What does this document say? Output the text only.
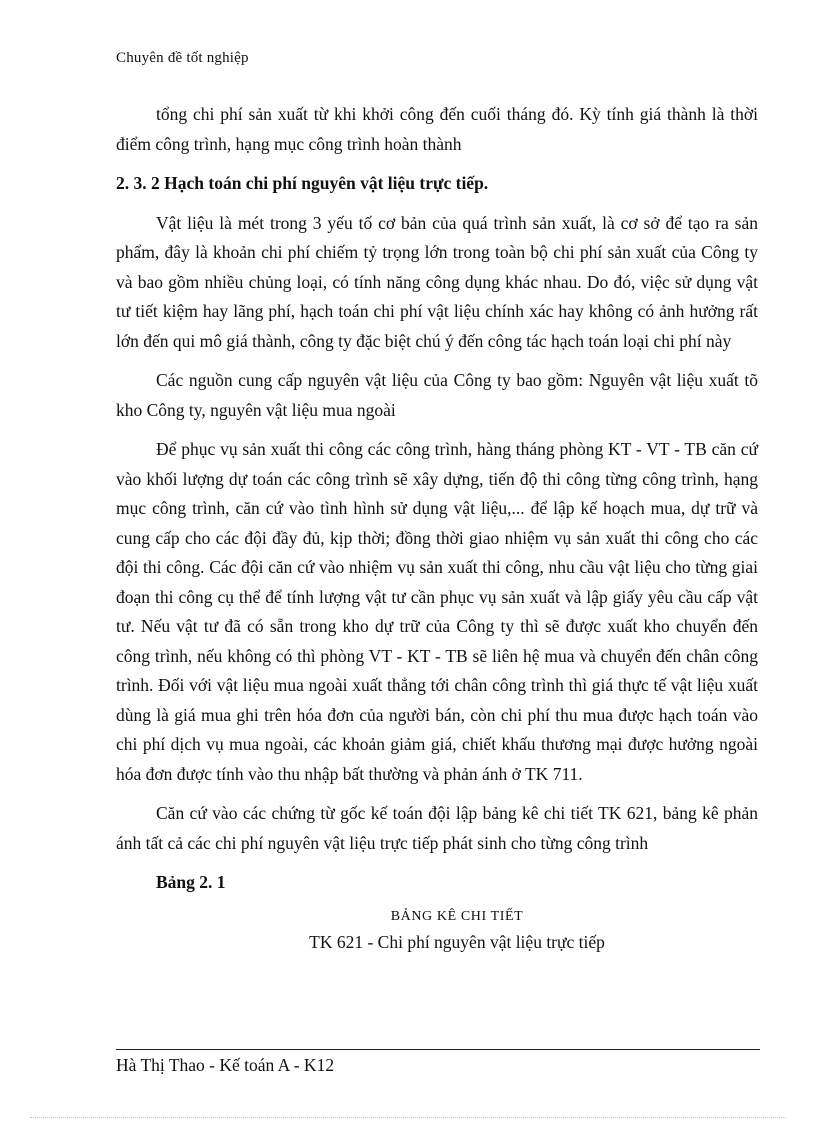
Chuyên đề tốt nghiệp

tổng chi phí sản xuất từ khi khởi công đến cuối tháng đó. Kỳ tính giá thành là thời điểm công trình, hạng mục công trình hoàn thành

2. 3. 2 Hạch toán chi phí nguyên vật liệu trực tiếp.

Vật liệu là mét trong 3 yếu tố cơ bản của quá trình sản xuất, là cơ sở để tạo ra sản phẩm, đây là khoản chi phí chiếm tỷ trọng lớn trong toàn bộ chi phí sản xuất của Công ty và bao gồm nhiều chủng loại, có tính năng công dụng khác nhau. Do đó, việc sử dụng vật tư tiết kiệm hay lãng phí, hạch toán chi phí vật liệu chính xác hay không có ảnh hưởng rất lớn đến qui mô giá thành, công ty đặc biệt chú ý đến công tác hạch toán loại chi phí này

Các nguồn cung cấp nguyên vật liệu của Công ty bao gồm: Nguyên vật liệu xuất tõ kho Công ty, nguyên vật liệu mua ngoài

Để phục vụ sản xuất thi công các công trình, hàng tháng phòng KT - VT - TB căn cứ vào khối lượng dự toán các công trình sẽ xây dựng, tiến độ thi công từng công trình, hạng mục công trình, căn cứ vào tình hình sử dụng vật liệu,... để lập kế hoạch mua, dự trữ và cung cấp cho các đội đầy đủ, kịp thời; đồng thời giao nhiệm vụ sản xuất thi công cho các đội thi công. Các đội căn cứ vào nhiệm vụ sản xuất thi công, nhu cầu vật liệu cho từng giai đoạn thi công cụ thể để tính lượng vật tư cần phục vụ sản xuất và lập giấy yêu cầu cấp vật tư. Nếu vật tư đã có sẵn trong kho dự trữ của Công ty thì sẽ được xuất kho chuyển đến công trình, nếu không có thì phòng VT - KT - TB sẽ liên hệ mua và chuyển đến chân công trình. Đối với vật liệu mua ngoài xuất thẳng tới chân công trình thì giá thực tế vật liệu xuất dùng là giá mua ghi trên hóa đơn của người bán, còn chi phí thu mua được hạch toán vào chi phí dịch vụ mua ngoài, các khoản giảm giá, chiết khấu thương mại được hưởng ngoài hóa đơn được tính vào thu nhập bất thường và phản ánh ở TK 711.

Căn cứ vào các chứng từ gốc kế toán đội lập bảng kê chi tiết TK 621, bảng kê phản ánh tất cả các chi phí nguyên vật liệu trực tiếp phát sinh cho từng công trình

Bảng 2. 1
BẢNG KÊ CHI TIẾT
TK 621 - Chi phí nguyên vật liệu trực tiếp
Hà Thị Thao - Kế toán A - K12
